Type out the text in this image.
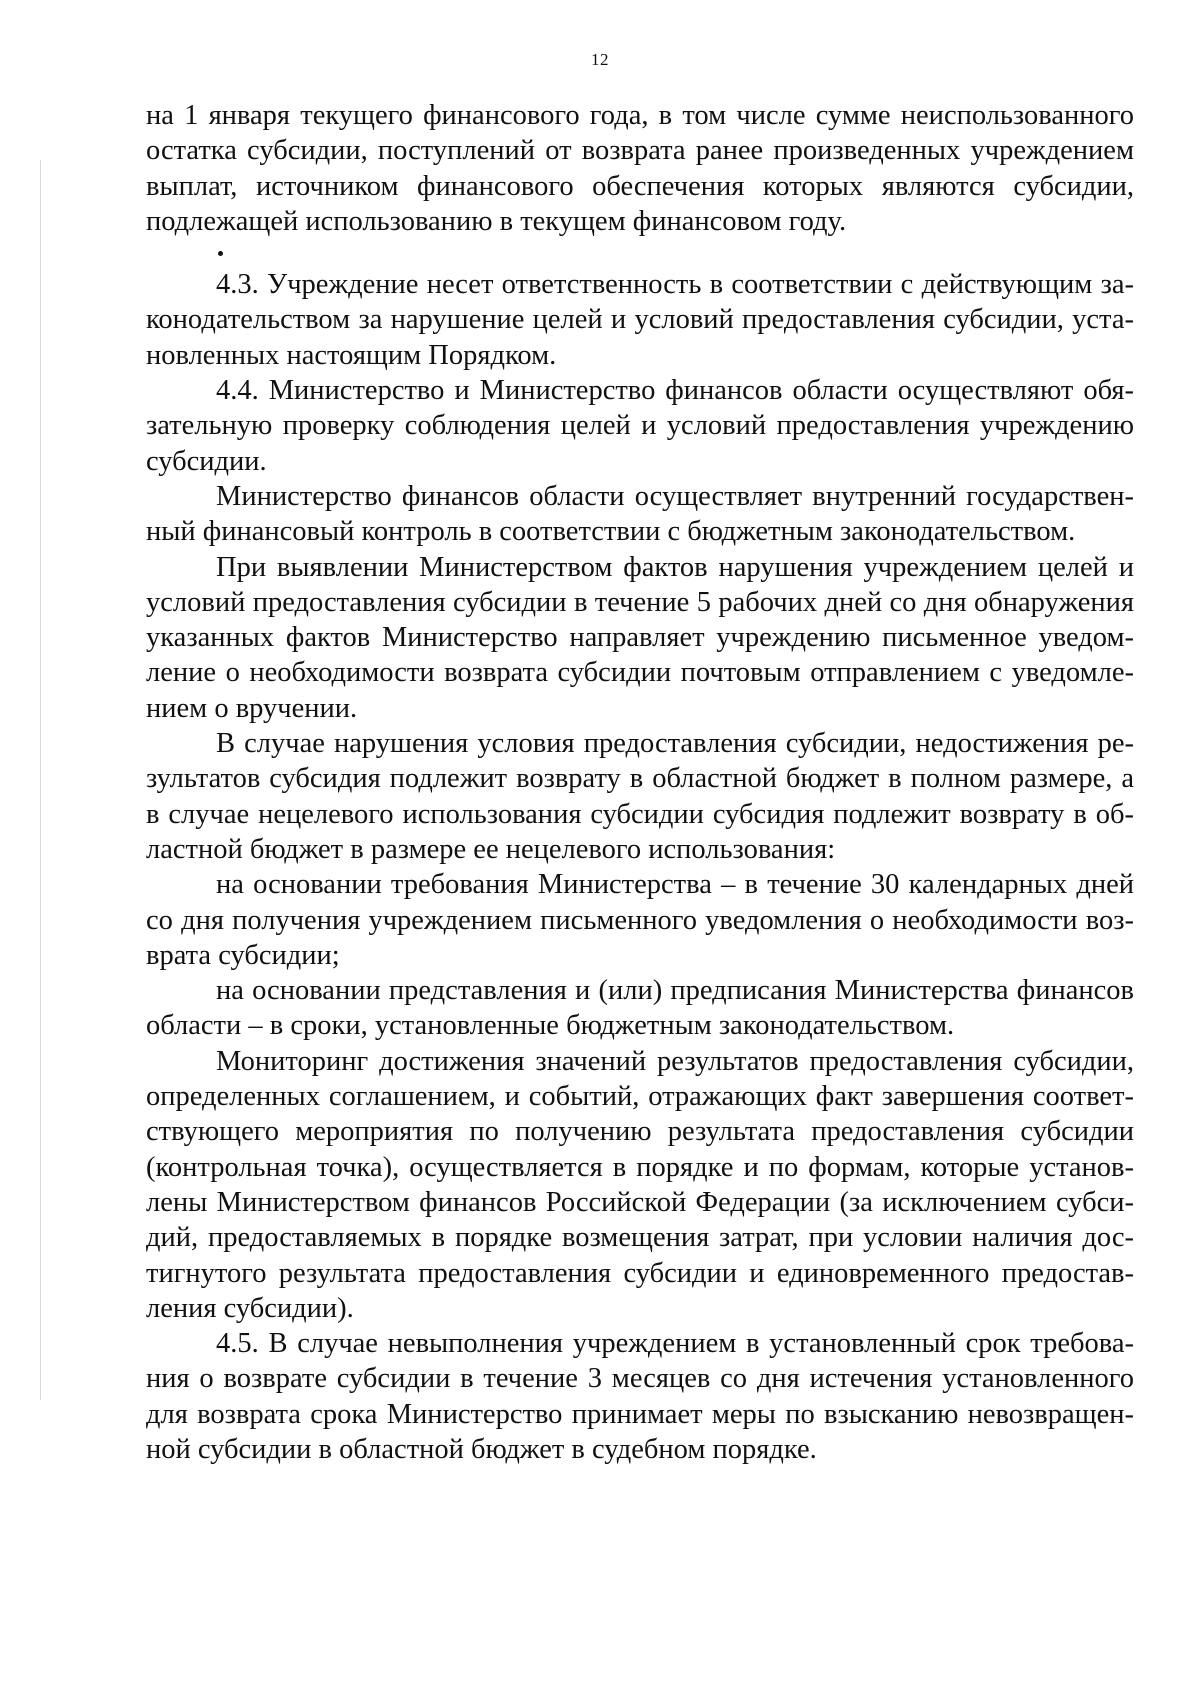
12
на 1 января текущего финансового года, в том числе сумме неиспользованного
остатка субсидии, поступлений от возврата ранее произведенных учреждением
выплат, источником финансового обеспечения которых являются субсидии,
подлежащей использованию в текущем финансовом году.
4.3. Учреждение несет ответственность в соответствии с действующим за-
конодательством за нарушение целей и условий предоставления субсидии, уста-
новленных настоящим Порядком.
4.4. Министерство и Министерство финансов области осуществляют обя-
зательную проверку соблюдения целей и условий предоставления учреждению
субсидии.
Министерство финансов области осуществляет внутренний государствен-
ный финансовый контроль в соответствии с бюджетным законодательством.
При выявлении Министерством фактов нарушения учреждением целей и
условий предоставления субсидии в течение 5 рабочих дней со дня обнаружения
указанных фактов Министерство направляет учреждению письменное уведом-
ление о необходимости возврата субсидии почтовым отправлением с уведомле-
нием о вручении.
В случае нарушения условия предоставления субсидии, недостижения ре-
зультатов субсидия подлежит возврату в областной бюджет в полном размере, а
в случае нецелевого использования субсидии субсидия подлежит возврату в об-
ластной бюджет в размере ее нецелевого использования:
на основании требования Министерства – в течение 30 календарных дней
со дня получения учреждением письменного уведомления о необходимости воз-
врата субсидии;
на основании представления и (или) предписания Министерства финансов
области – в сроки, установленные бюджетным законодательством.
Мониторинг достижения значений результатов предоставления субсидии,
определенных соглашением, и событий, отражающих факт завершения соответ-
ствующего мероприятия по получению результата предоставления субсидии
(контрольная точка), осуществляется в порядке и по формам, которые установ-
лены Министерством финансов Российской Федерации (за исключением субси-
дий, предоставляемых в порядке возмещения затрат, при условии наличия дос-
тигнутого результата предоставления субсидии и единовременного предостав-
ления субсидии).
4.5. В случае невыполнения учреждением в установленный срок требова-
ния о возврате субсидии в течение 3 месяцев со дня истечения установленного
для возврата срока Министерство принимает меры по взысканию невозвращен-
ной субсидии в областной бюджет в судебном порядке.
